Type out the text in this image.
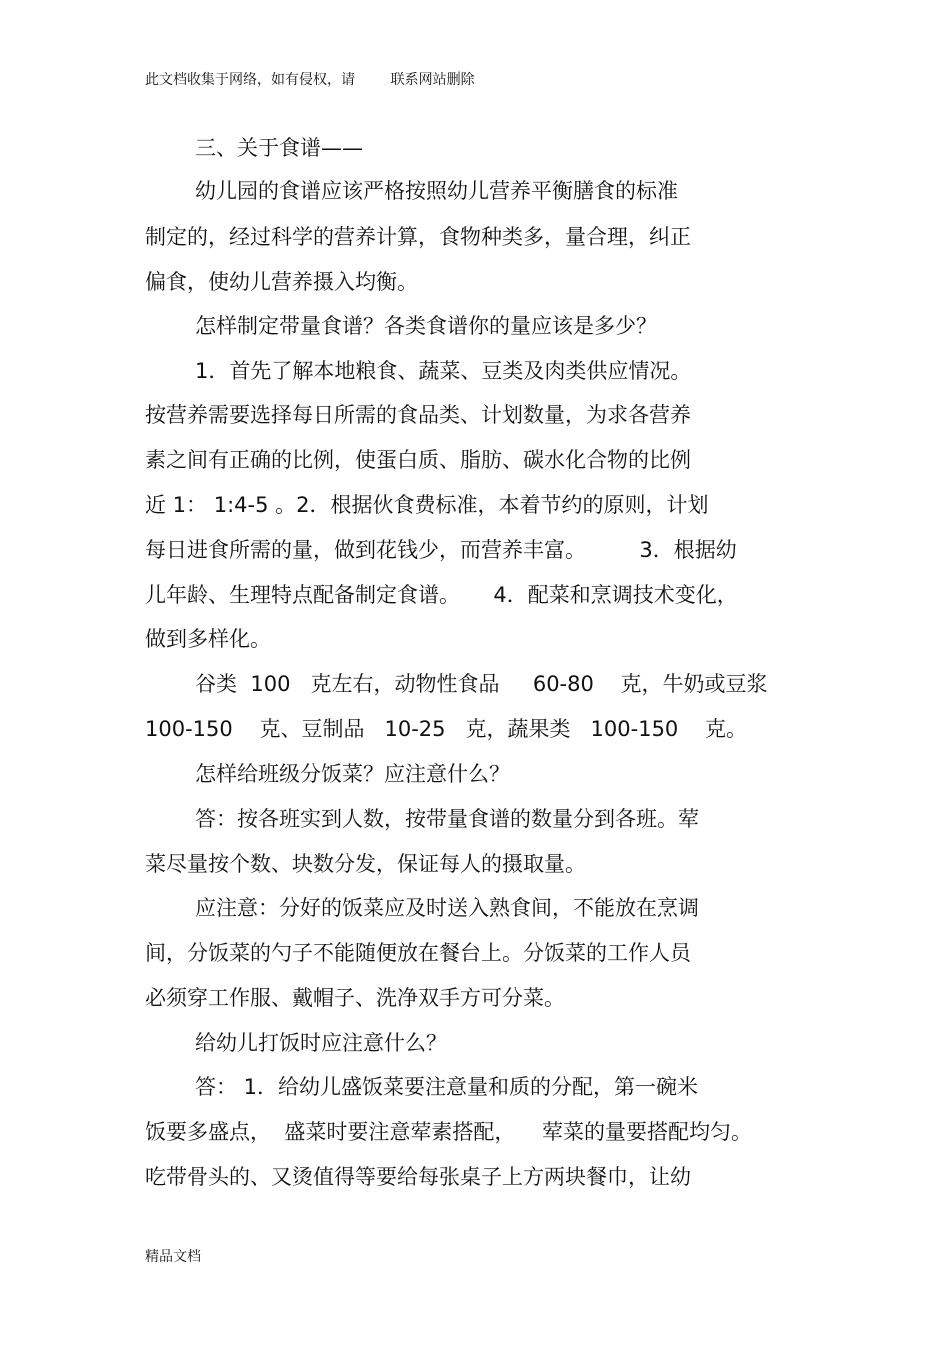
此文档收集于网络，如有侵权，请        联系网站删除
三、关于食谱——
幼儿园的食谱应该严格按照幼儿营养平衡膳食的标准
制定的，经过科学的营养计算，食物种类多，量合理，纠正
偏食，使幼儿营养摄入均衡。
怎样制定带量食谱？各类食谱你的量应该是多少？
1．首先了解本地粮食、蔬菜、豆类及肉类供应情况。
按营养需要选择每日所需的食品类、计划数量，为求各营养
素之间有正确的比例，使蛋白质、脂肪、碳水化合物的比例
近 1： 1:4-5 。2．根据伙食费标准，本着节约的原则，计划
每日进食所需的量，做到花钱少，而营养丰富。        3．根据幼
儿年龄、生理特点配备制定食谱。     4．配菜和烹调技术变化，
做到多样化。
谷类  100   克左右，动物性食品     60-80    克，牛奶或豆浆
100-150    克、豆制品   10-25   克，蔬果类   100-150    克。
怎样给班级分饭菜？应注意什么？
答：按各班实到人数，按带量食谱的数量分到各班。荤
菜尽量按个数、块数分发，保证每人的摄取量。
应注意：分好的饭菜应及时送入熟食间，不能放在烹调
间，分饭菜的勺子不能随便放在餐台上。分饭菜的工作人员
必须穿工作服、戴帽子、洗净双手方可分菜。
给幼儿打饭时应注意什么？
答： 1．给幼儿盛饭菜要注意量和质的分配，第一碗米
饭要多盛点，  盛菜时要注意荤素搭配，    荤菜的量要搭配均匀。
吃带骨头的、又烫值得等要给每张桌子上方两块餐巾，让幼
精品文档
